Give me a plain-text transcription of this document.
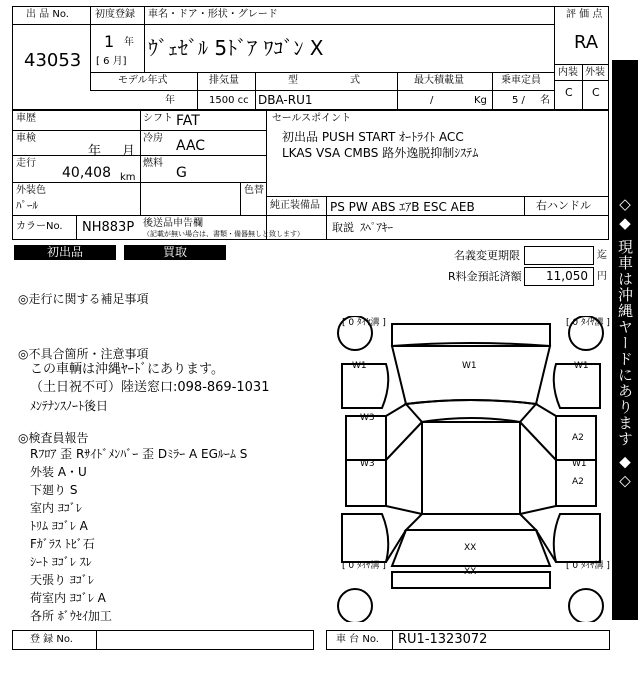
出 品 No.
43053
初度登録
1 年
[ 6 月]
車名・ドア・形状・グレード
ｳﾞｪｾﾞﾙ 5ﾄﾞｱ ﾜｺﾞﾝ X
評 価 点
RA
内装 外装
C C
モデル年式
年
排気量
1500 cc
型	式
DBA-RU1
最大積載量
/	Kg
乗車定員
5 / 名
車歴
車検
年 月
走行
40,408 km
シフト FAT
冷房 AAC
燃料
G
外装色
ﾊﾟｰﾙ
色替
カラーNo. NH883P 後送品申告欄
（記載が無い場合は、書類・備器無しと致します）
セールスポイント
初出品 PUSH START ｵｰﾄﾗｲﾄ ACC
LKAS VSA CMBS 路外逸脱抑制ｼｽﾃﾑ
純正装備品 PS PW ABS ｴｱB ESC AEB	右ハンドル
取説 ｽﾍﾟｱｷｰ
初出品	買取	名義変更期限	迄
R料金預託済額 11,050 円
◎走行に関する補足事項
◎不具合箇所・注意事項
この車輌は沖縄ﾔｰﾄﾞにあります。
（土日祝不可）陸送窓口:098-869-1031
ﾒﾝﾃﾅﾝｽﾉｰﾄ後日
◎検査員報告
Rﾌﾛｱ 歪 Rｻｲﾄﾞﾒﾝﾊﾞｰ 歪 Dﾐﾗｰ A EGﾙｰﾑ S
外装 A・U
下廻り S
室内 ﾖｺﾞﾚ
ﾄﾘﾑ ﾖｺﾞﾚ A
Fｶﾞﾗｽ ﾄﾋﾞ石
ｼｰﾄ ﾖｺﾞﾚ ｽﾚ
天張り ﾖｺﾞﾚ
荷室内 ﾖｺﾞﾚ A
各所 ﾎﾞｳｾｲ加工
[ 0 ﾀｲﾔ溝 ]	[ 0 ﾀｲﾔ溝 ]
[ 0 ﾀｲﾔ溝 ]	[ 0 ﾀｲﾔ溝 ]
W1	W1	W1
W3
W3
A2
W1
A2
XX
XX
登 録 No.	車 台 No. RU1-1323072
◇◆ 現車は沖縄ヤードにあります ◆◇
